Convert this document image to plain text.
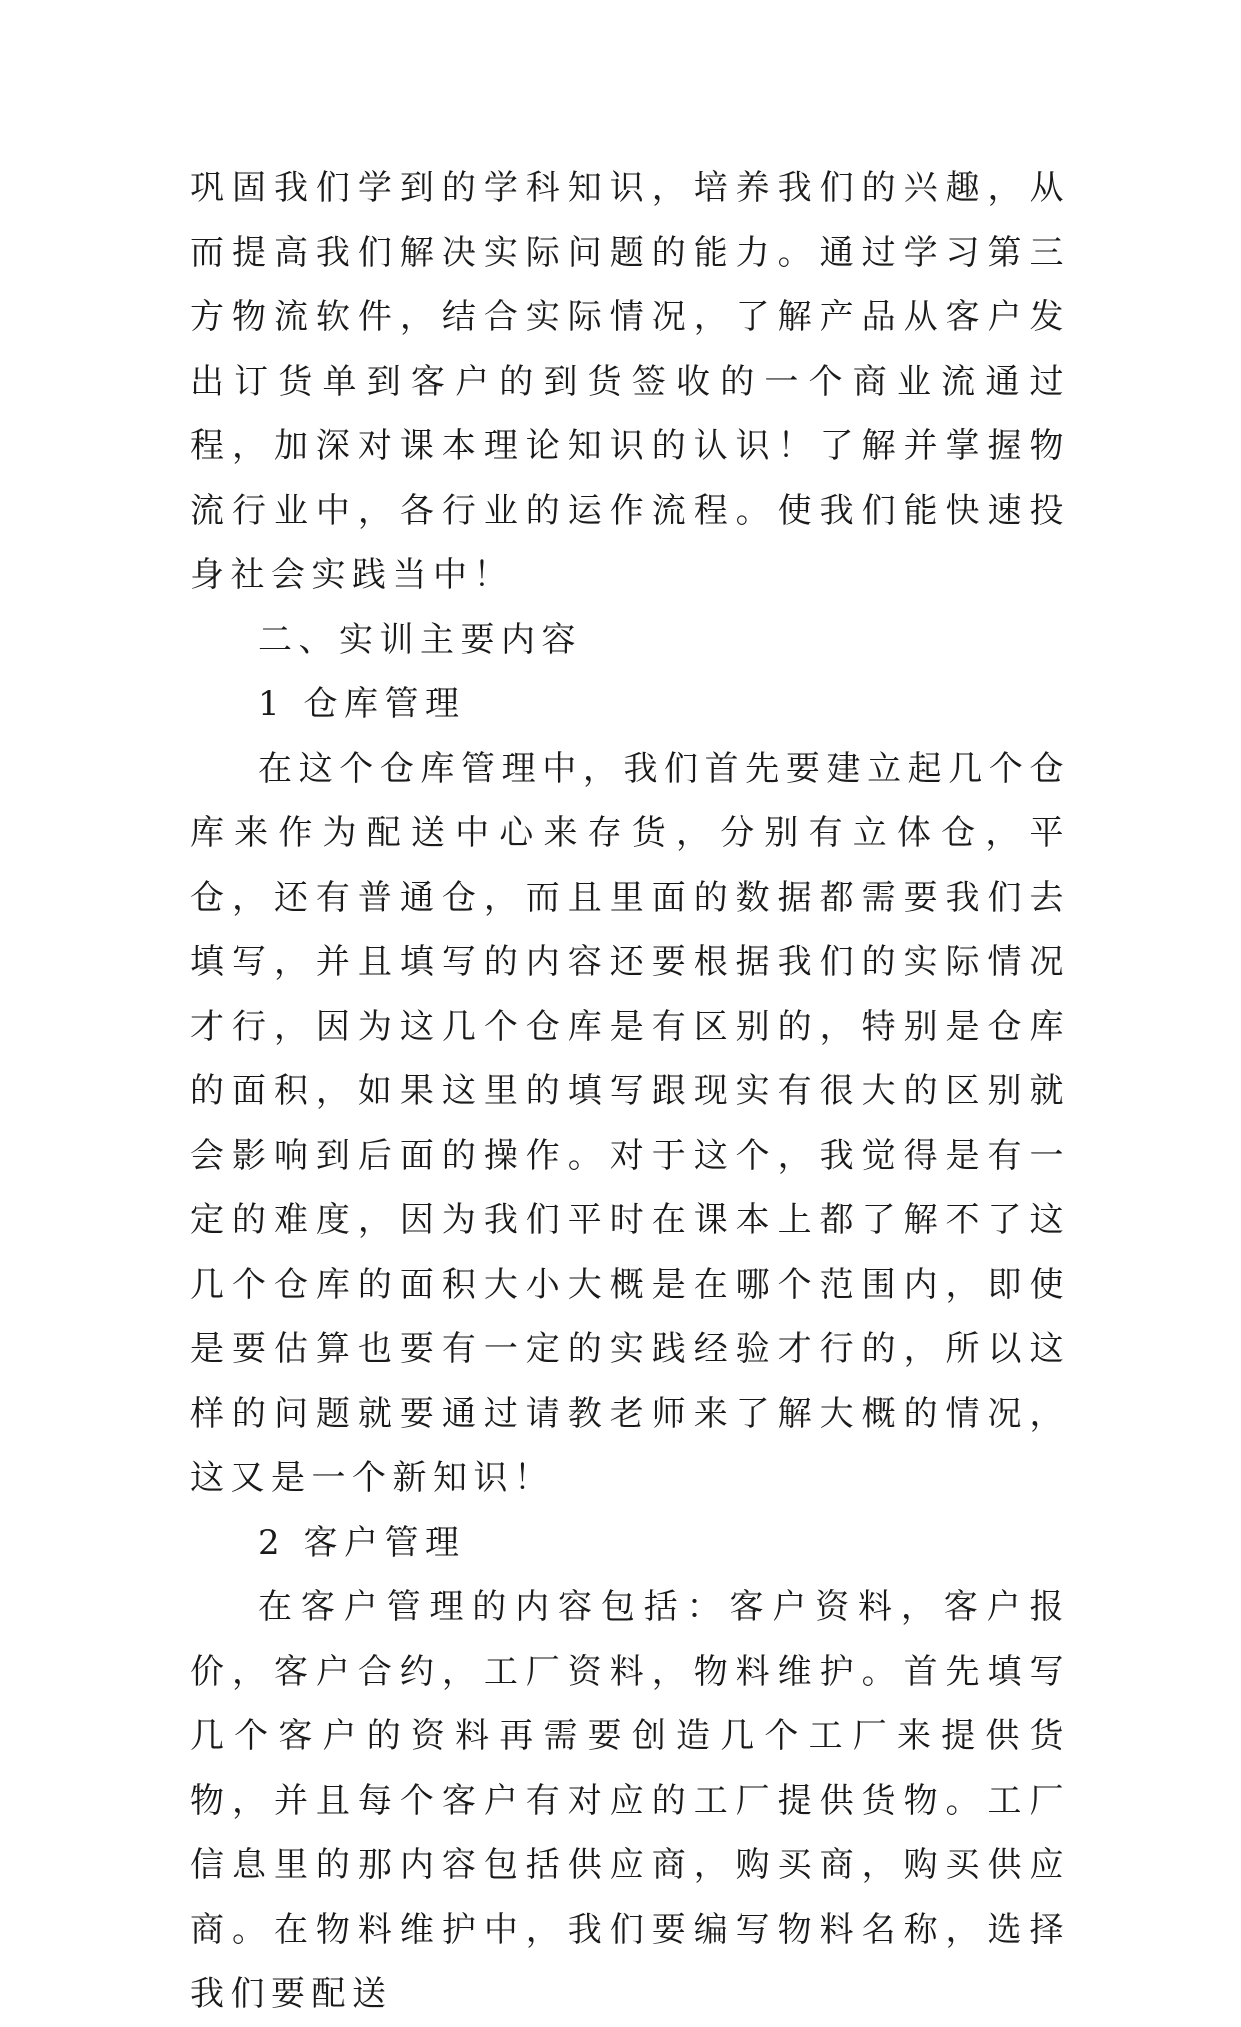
巩固我们学到的学科知识，培养我们的兴趣，从而提高我们解决实际问题的能力。通过学习第三方物流软件，结合实际情况，了解产品从客户发出订货单到客户的到货签收的一个商业流通过程，加深对课本理论知识的认识！了解并掌握物流行业中，各行业的运作流程。使我们能快速投身社会实践当中！

二、实训主要内容

1 仓库管理

在这个仓库管理中，我们首先要建立起几个仓库来作为配送中心来存货，分别有立体仓，平仓，还有普通仓，而且里面的数据都需要我们去填写，并且填写的内容还要根据我们的实际情况才行，因为这几个仓库是有区别的，特别是仓库的面积，如果这里的填写跟现实有很大的区别就会影响到后面的操作。对于这个，我觉得是有一定的难度，因为我们平时在课本上都了解不了这几个仓库的面积大小大概是在哪个范围内，即使是要估算也要有一定的实践经验才行的，所以这样的问题就要通过请教老师来了解大概的情况，这又是一个新知识！

2 客户管理

在客户管理的内容包括：客户资料，客户报价，客户合约，工厂资料，物料维护。首先填写几个客户的资料再需要创造几个工厂来提供货物，并且每个客户有对应的工厂提供货物。工厂信息里的那内容包括供应商，购买商，购买供应商。在物料维护中，我们要编写物料名称，选择我们要配送
